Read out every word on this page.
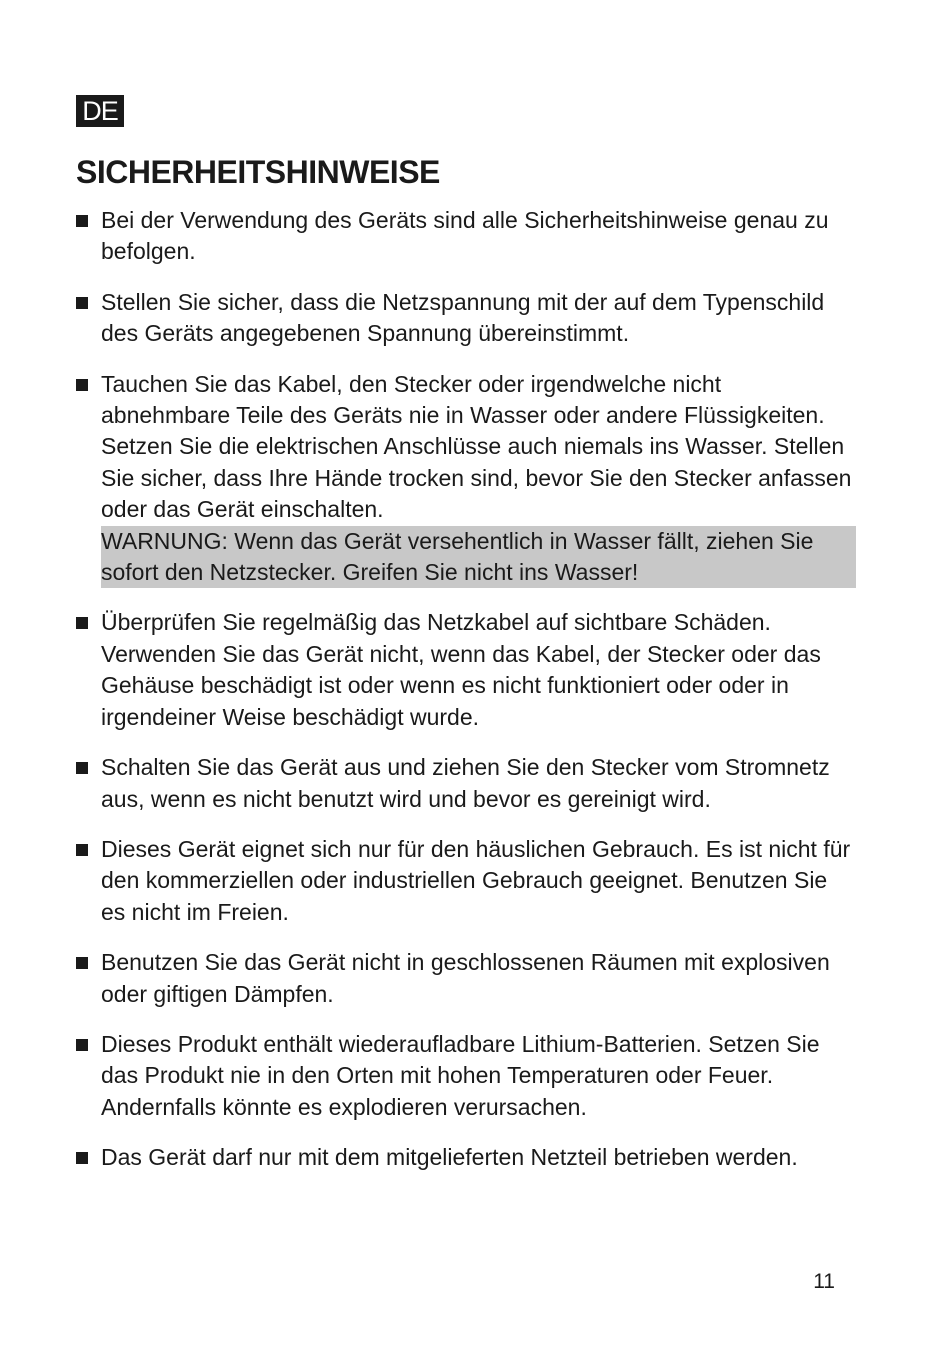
DE
SICHERHEITSHINWEISE

Bei der Verwendung des Geräts sind alle Sicherheitshinweise genau zu befolgen.

Stellen Sie sicher, dass die Netzspannung mit der auf dem Typenschild des Geräts angegebenen Spannung übereinstimmt.

Tauchen Sie das Kabel, den Stecker oder irgendwelche nicht abnehmbare Teile des Geräts nie in Wasser oder andere Flüssigkeiten. Setzen Sie die elektrischen Anschlüsse auch niemals ins Wasser. Stellen Sie sicher, dass Ihre Hände trocken sind, bevor Sie den Stecker anfassen oder das Gerät einschalten.

WARNUNG: Wenn das Gerät versehentlich in Wasser fällt, ziehen Sie sofort den Netzstecker. Greifen Sie nicht ins Wasser!

Überprüfen Sie regelmäßig das Netzkabel auf sichtbare Schäden. Verwenden Sie das Gerät nicht, wenn das Kabel, der Stecker oder das Gehäuse beschädigt ist oder wenn es nicht funktioniert oder oder in irgendeiner Weise beschädigt wurde.

Schalten Sie das Gerät aus und ziehen Sie den Stecker vom Stromnetz aus, wenn es nicht benutzt wird und bevor es gereinigt wird.

Dieses Gerät eignet sich nur für den häuslichen Gebrauch. Es ist nicht für den kommerziellen oder industriellen Gebrauch geeignet. Benutzen Sie es nicht im Freien.

Benutzen Sie das Gerät nicht in geschlossenen Räumen mit explosiven oder giftigen Dämpfen.

Dieses Produkt enthält wiederaufladbare Lithium-Batterien. Setzen Sie das Produkt nie in den Orten mit hohen Temperaturen oder Feuer. Andernfalls könnte es explodieren verursachen.

Das Gerät darf nur mit dem mitgelieferten Netzteil betrieben werden.

11
